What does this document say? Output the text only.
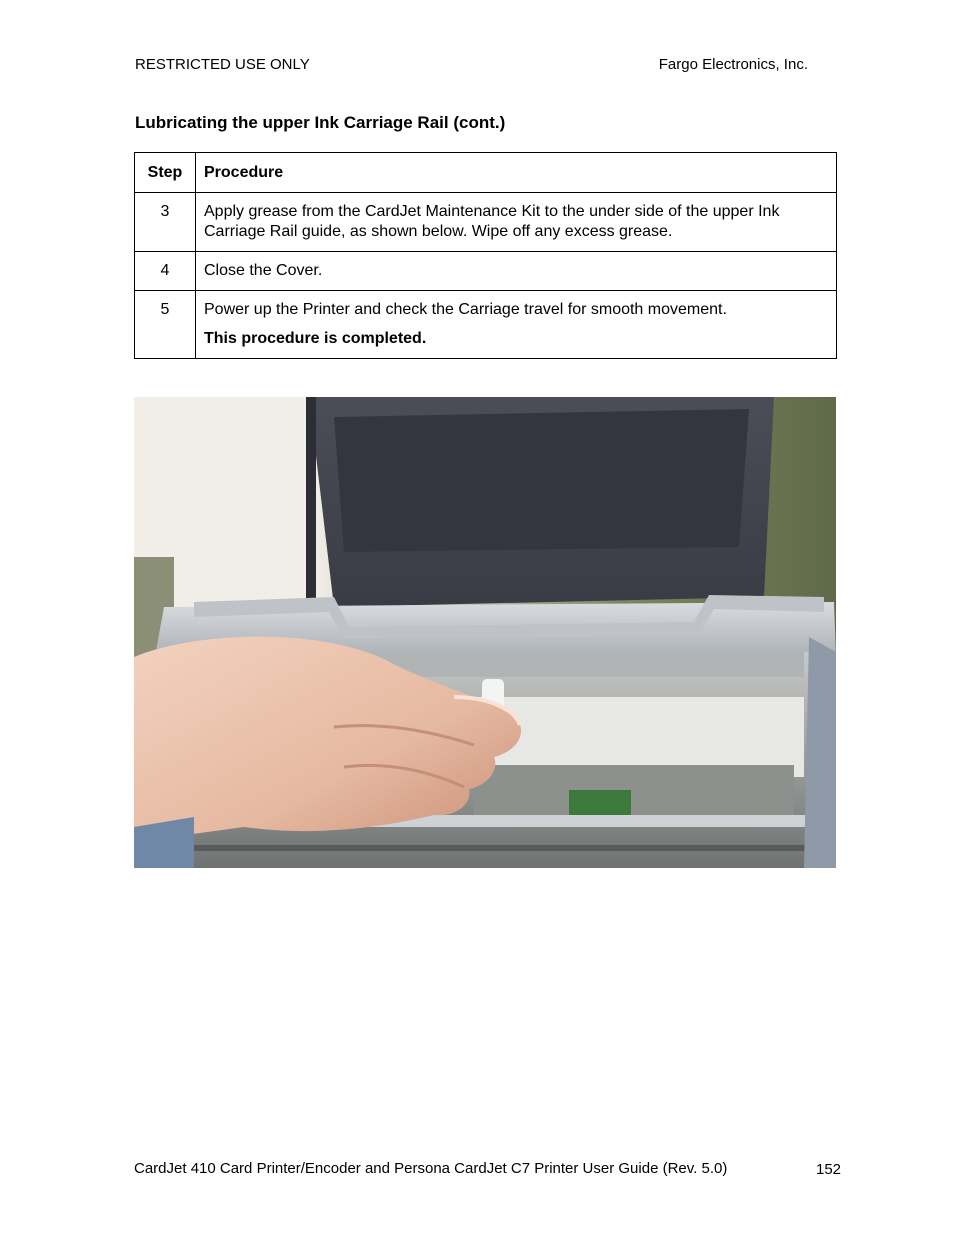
RESTRICTED USE ONLY	Fargo Electronics, Inc.
Lubricating the upper Ink Carriage Rail (cont.)
Step	Procedure
3	Apply grease from the CardJet Maintenance Kit to the under side of the upper Ink Carriage Rail guide, as shown below. Wipe off any excess grease.
4	Close the Cover.
5	Power up the Printer and check the Carriage travel for smooth movement.
This procedure is completed.
CardJet 410 Card Printer/Encoder and Persona CardJet C7 Printer User Guide (Rev. 5.0)	152
